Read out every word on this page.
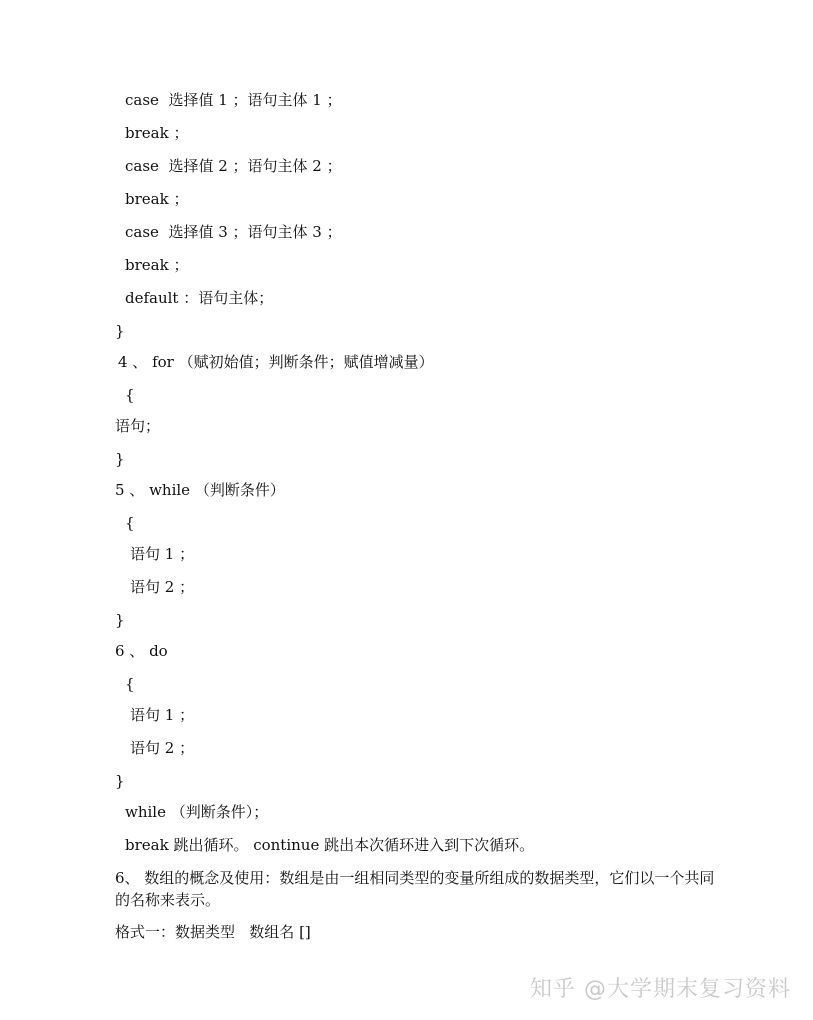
case  选择值 1 ；语句主体 1 ；
break ；
case  选择值 2 ；语句主体 2 ；
break ；
case  选择值 3 ；语句主体 3 ；
break ；
default ：语句主体；
}
4 、 for （赋初始值；判断条件；赋值增减量）
{
语句；
}
5 、 while （判断条件）
{
语句 1 ；
语句 2 ；
}
6 、 do
{
语句 1 ；
语句 2 ；
}
while （判断条件）；
break 跳出循环。 continue 跳出本次循环进入到下次循环。
6、 数组的概念及使用：数组是由一组相同类型的变量所组成的数据类型，它们以一个共同的名称来表示。
格式一：数据类型   数组名 []
知乎 @大学期末复习资料
